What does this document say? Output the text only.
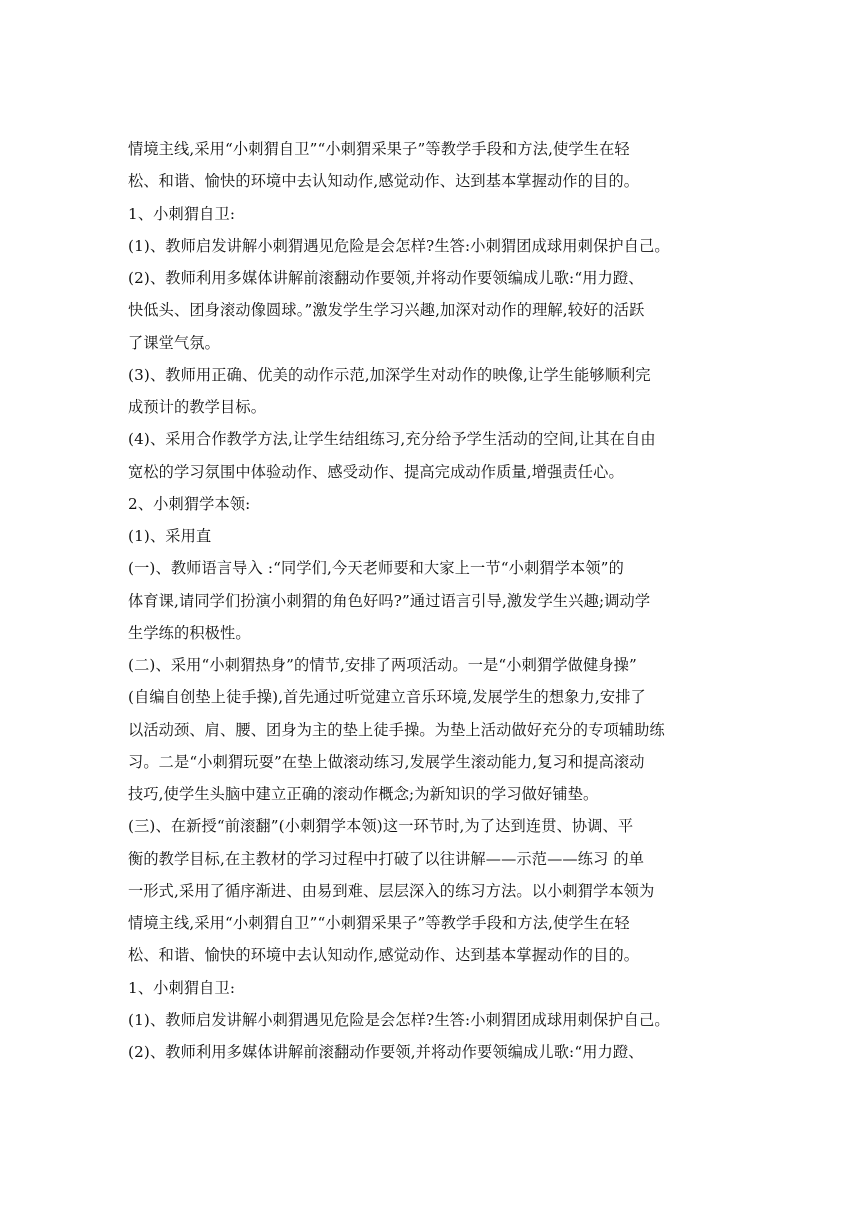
情境主线,采用“小刺猬自卫”“小刺猬采果子”等教学手段和方法,使学生在轻
松、和谐、愉快的环境中去认知动作,感觉动作、达到基本掌握动作的目的。
1、小刺猬自卫:
(1)、教师启发讲解小刺猬遇见危险是会怎样?生答:小刺猬团成球用刺保护自己。
(2)、教师利用多媒体讲解前滚翻动作要领,并将动作要领编成儿歌:“用力蹬、
快低头、团身滚动像圆球。”激发学生学习兴趣,加深对动作的理解,较好的活跃
了课堂气氛。
(3)、教师用正确、优美的动作示范,加深学生对动作的映像,让学生能够顺利完
成预计的教学目标。
(4)、采用合作教学方法,让学生结组练习,充分给予学生活动的空间,让其在自由
宽松的学习氛围中体验动作、感受动作、提高完成动作质量,增强责任心。
2、小刺猬学本领:
(1)、采用直
(一)、教师语言导入 :“同学们,今天老师要和大家上一节“小刺猬学本领”的
体育课,请同学们扮演小刺猬的角色好吗?”通过语言引导,激发学生兴趣;调动学
生学练的积极性。
(二)、采用“小刺猬热身”的情节,安排了两项活动。一是“小刺猬学做健身操”
(自编自创垫上徒手操),首先通过听觉建立音乐环境,发展学生的想象力,安排了
以活动颈、肩、腰、团身为主的垫上徒手操。为垫上活动做好充分的专项辅助练
习。二是“小刺猬玩耍”在垫上做滚动练习,发展学生滚动能力,复习和提高滚动
技巧,使学生头脑中建立正确的滚动作概念;为新知识的学习做好铺垫。
(三)、在新授“前滚翻”(小刺猬学本领)这一环节时,为了达到连贯、协调、平
衡的教学目标,在主教材的学习过程中打破了以往讲解——示范——练习 的单
一形式,采用了循序渐进、由易到难、层层深入的练习方法。以小刺猬学本领为
情境主线,采用“小刺猬自卫”“小刺猬采果子”等教学手段和方法,使学生在轻
松、和谐、愉快的环境中去认知动作,感觉动作、达到基本掌握动作的目的。
1、小刺猬自卫:
(1)、教师启发讲解小刺猬遇见危险是会怎样?生答:小刺猬团成球用刺保护自己。
(2)、教师利用多媒体讲解前滚翻动作要领,并将动作要领编成儿歌:“用力蹬、
